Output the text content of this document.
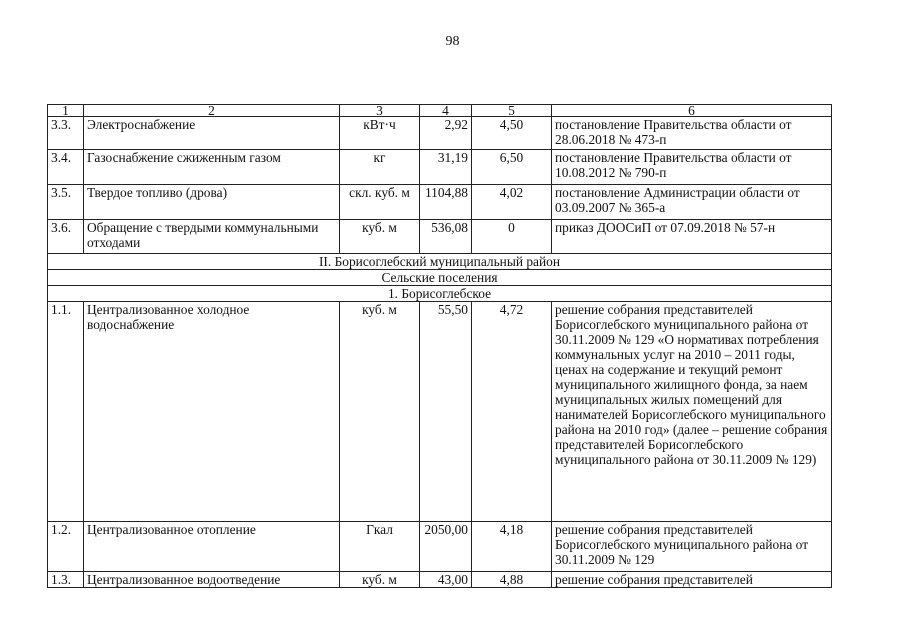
98
1	2	3	4	5	6
3.3.	Электроснабжение	кВт·ч	2,92	4,50	постановление Правительства области от 28.06.2018 № 473-п
3.4.	Газоснабжение сжиженным газом	кг	31,19	6,50	постановление Правительства области от 10.08.2012 № 790-п
3.5.	Твердое топливо (дрова)	скл. куб. м	1104,88	4,02	постановление Администрации области от 03.09.2007 № 365-а
3.6.	Обращение с твердыми коммунальными отходами	куб. м	536,08	0	приказ ДООСиП от 07.09.2018 № 57-н
II. Борисоглебский муниципальный район					
Сельские поселения					
1. Борисоглебское					
1.1.	Централизованное холодное водоснабжение	куб. м	55,50	4,72	решение собрания представителей Борисоглебского муниципального района от 30.11.2009 № 129 «О нормативах потребления коммунальных услуг на 2010 – 2011 годы, ценах на содержание и текущий ремонт муниципального жилищного фонда, за наем муниципальных жилых помещений для нанимателей Борисоглебского муниципального района на 2010 год» (далее – решение собрания представителей Борисоглебского муниципального района от 30.11.2009 № 129)
1.2.	Централизованное отопление	Гкал	2050,00	4,18	решение собрания представителей Борисоглебского муниципального района от 30.11.2009 № 129
1.3.	Централизованное водоотведение	куб. м	43,00	4,88	решение собрания представителей
